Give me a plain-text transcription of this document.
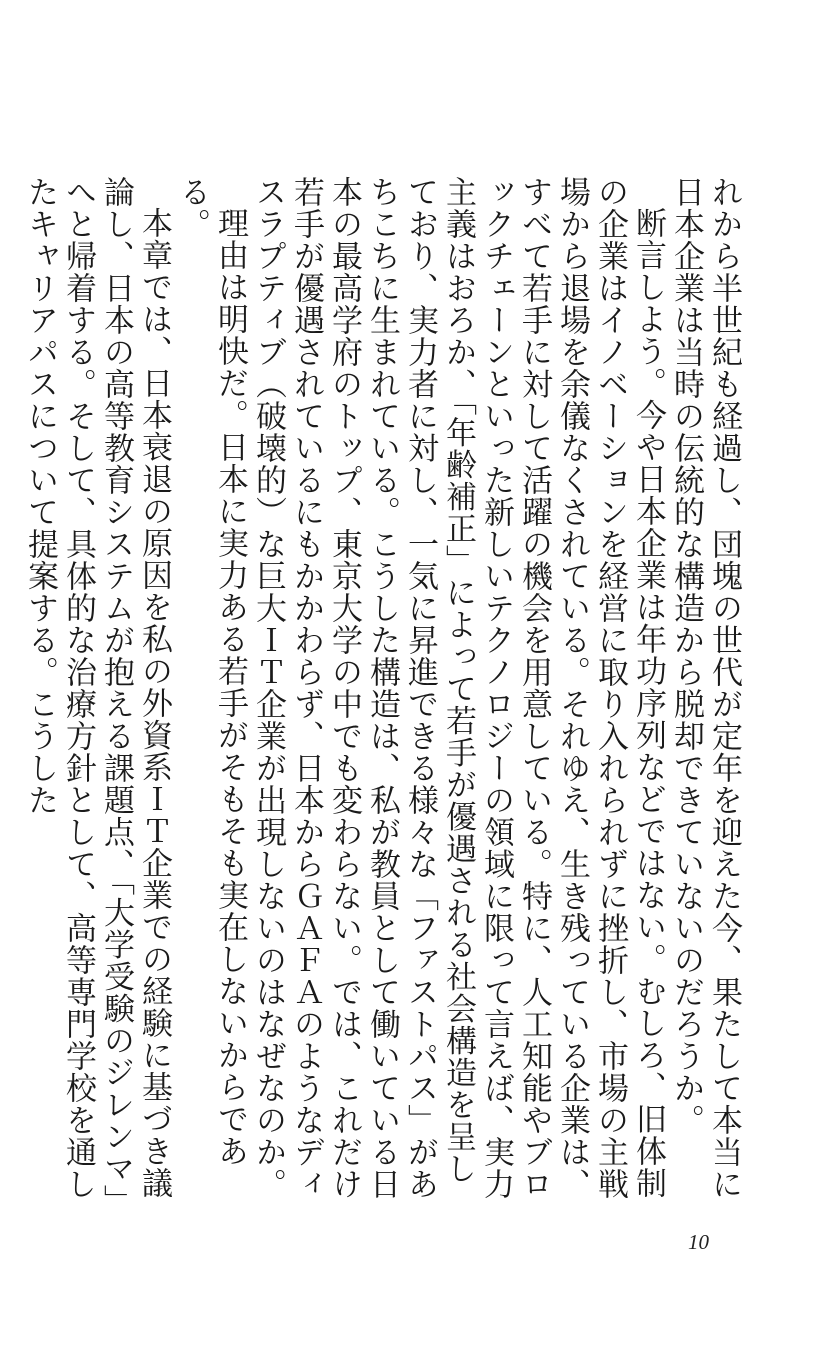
れから半世紀も経過し、団塊の世代が定年を迎えた今、果たして本当に日本企業は当時の伝統的な構造から脱却できていないのだろうか。

断言しよう。今や日本企業は年功序列などではない。むしろ、旧体制の企業はイノベーションを経営に取り入れられずに挫折し、市場の主戦場から退場を余儀なくされている。それゆえ、生き残っている企業は、すべて若手に対して活躍の機会を用意している。特に、人工知能やブロックチェーンといった新しいテクノロジーの領域に限って言えば、実力主義はおろか、「年齢補正」によって若手が優遇される社会構造を呈しており、実力者に対し、一気に昇進できる様々な「ファストパス」があちこちに生まれている。こうした構造は、私が教員として働いている日本の最高学府のトップ、東京大学の中でも変わらない。では、これだけ若手が優遇されているにもかかわらず、日本からＧＡＦＡのようなディスラプティブ（破壊的）な巨大ＩＴ企業が出現しないのはなぜなのか。

理由は明快だ。日本に実力ある若手がそもそも実在しないからである。

本章では、日本衰退の原因を私の外資系ＩＴ企業での経験に基づき議論し、日本の高等教育システムが抱える課題点、「大学受験のジレンマ」へと帰着する。そして、具体的な治療方針として、高等専門学校を通したキャリアパスについて提案する。こうした

10
